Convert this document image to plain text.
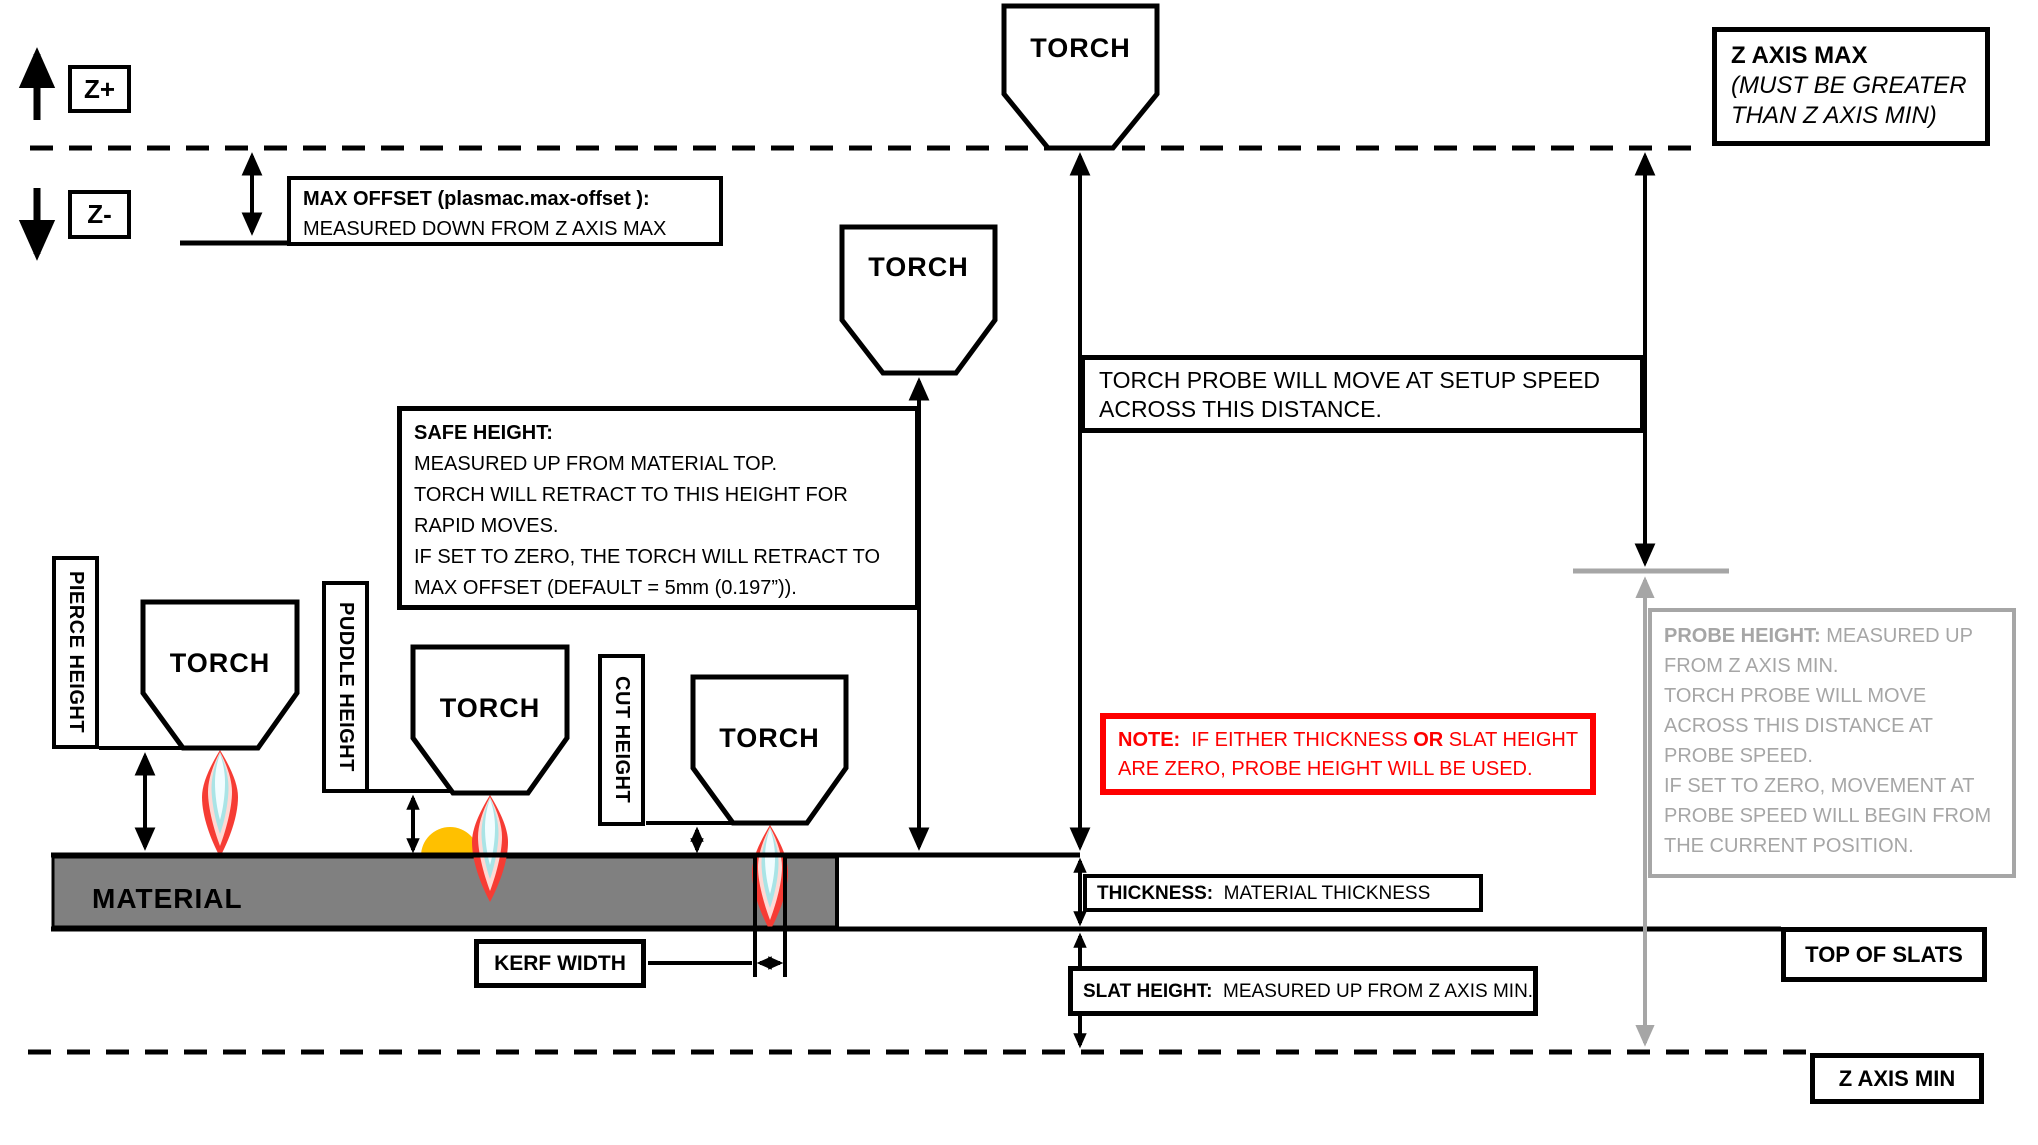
TORCH
TORCH
TORCH
TORCH
TORCH
Z+
Z-	MAX OFFSET (plasmac.max-offset ):
MEASURED DOWN FROM Z AXIS MAX
Z AXIS MAX
(MUST BE GREATER
THAN Z AXIS MIN)
TORCH PROBE WILL MOVE AT SETUP SPEED
ACROSS THIS DISTANCE.
SAFE HEIGHT:
MEASURED UP FROM MATERIAL TOP.
TORCH WILL RETRACT TO THIS HEIGHT FOR
RAPID MOVES.
IF SET TO ZERO, THE TORCH WILL RETRACT TO
MAX OFFSET (DEFAULT = 5mm (0.197”)).
NOTE:  IF EITHER THICKNESS OR SLAT HEIGHT
ARE ZERO, PROBE HEIGHT WILL BE USED.
PROBE HEIGHT: MEASURED UP
FROM Z AXIS MIN.
TORCH PROBE WILL MOVE
ACROSS THIS DISTANCE AT
PROBE SPEED.
IF SET TO ZERO, MOVEMENT AT
PROBE SPEED WILL BEGIN FROM
THE CURRENT POSITION.
THICKNESS:  MATERIAL THICKNESS
SLAT HEIGHT:  MEASURED UP FROM Z AXIS MIN.
KERF WIDTH	TOP OF SLATS
Z AXIS MIN
MATERIAL
PIERCE HEIGHT	PUDDLE HEIGHT	CUT HEIGHT
